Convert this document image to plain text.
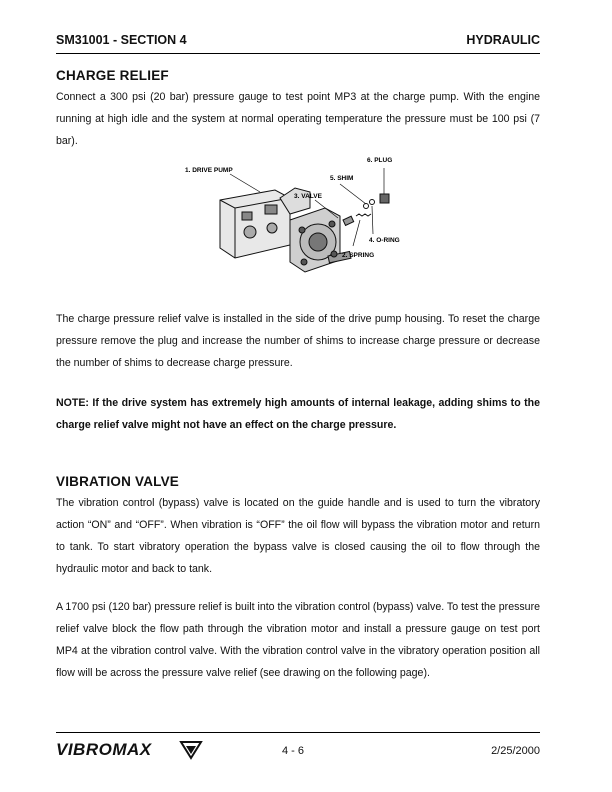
SM31001 - SECTION 4	HYDRAULIC
CHARGE RELIEF

Connect a 300 psi (20 bar) pressure gauge to test point MP3 at the charge pump. With the engine running at high idle and the system at normal operating temperature the pressure must be 100 psi (7 bar).

1. DRIVE PUMP
3. VALVE
5. SHIM
6. PLUG
4. O-RING
2. SPRING

The charge pressure relief valve is installed in the side of the drive pump housing. To reset the charge pressure remove the plug and increase the number of shims to increase charge pressure or decrease the number of shims to decrease charge pressure.

NOTE: If the drive system has extremely high amounts of internal leakage, adding shims to the charge relief valve might not have an effect on the charge pressure.

VIBRATION VALVE

The vibration control (bypass) valve is located on the guide handle and is used to turn the vibratory action “ON” and “OFF”. When vibration is “OFF” the oil flow will bypass the vibration motor and return to tank. To start vibratory operation the bypass valve is closed causing the oil to flow through the hydraulic motor and back to tank.

A 1700 psi (120 bar) pressure relief is built into the vibration control (bypass) valve. To test the pressure relief valve block the flow path through the vibration motor and install a pressure gauge on test port MP4 at the vibration control valve. With the vibration control valve in the vibratory operation position all flow will be across the pressure valve relief (see drawing on the following page).

VIBROMAX	4 - 6	2/25/2000
